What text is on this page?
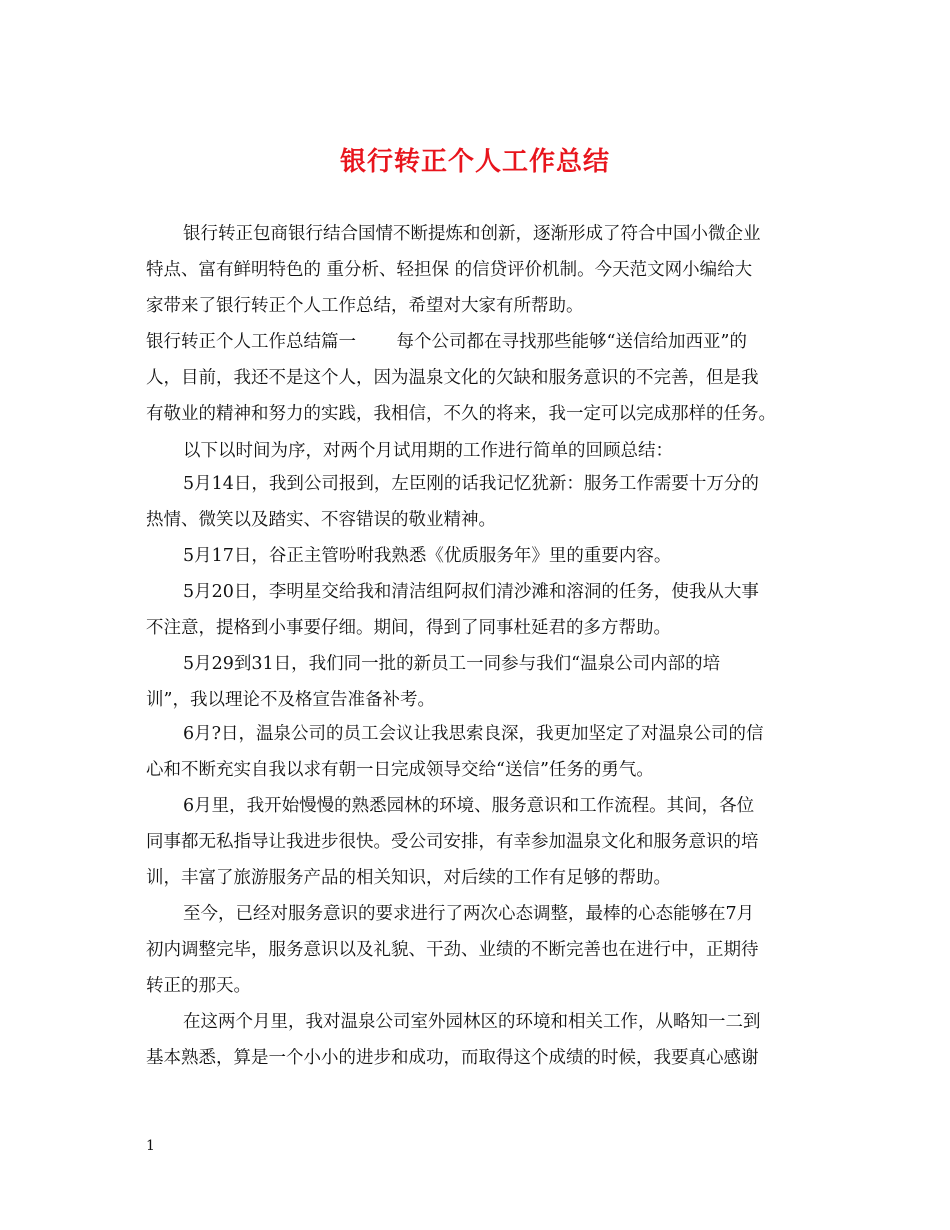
银行转正个人工作总结

银行转正包商银行结合国情不断提炼和创新，逐渐形成了符合中国小微企业

特点、富有鲜明特色的 重分析、轻担保 的信贷评价机制。今天范文网小编给大

家带来了银行转正个人工作总结，希望对大家有所帮助。

银行转正个人工作总结篇一　　 每个公司都在寻找那些能够“送信给加西亚”的

人，目前，我还不是这个人，因为温泉文化的欠缺和服务意识的不完善，但是我

有敬业的精神和努力的实践，我相信，不久的将来，我一定可以完成那样的任务。

以下以时间为序，对两个月试用期的工作进行简单的回顾总结：

5月14日，我到公司报到，左臣刚的话我记忆犹新：服务工作需要十万分的

热情、微笑以及踏实、不容错误的敬业精神。

5月17日，谷正主管吩咐我熟悉《优质服务年》里的重要内容。

5月20日，李明星交给我和清洁组阿叔们清沙滩和溶洞的任务，使我从大事

不注意，提格到小事要仔细。期间，得到了同事杜延君的多方帮助。

5月29到31日，我们同一批的新员工一同参与我们“温泉公司内部的培

训”，我以理论不及格宣告准备补考。

6月?日，温泉公司的员工会议让我思索良深，我更加坚定了对温泉公司的信

心和不断充实自我以求有朝一日完成领导交给“送信”任务的勇气。

6月里，我开始慢慢的熟悉园林的环境、服务意识和工作流程。其间，各位

同事都无私指导让我进步很快。受公司安排，有幸参加温泉文化和服务意识的培

训，丰富了旅游服务产品的相关知识，对后续的工作有足够的帮助。

至今，已经对服务意识的要求进行了两次心态调整，最棒的心态能够在7月

初内调整完毕，服务意识以及礼貌、干劲、业绩的不断完善也在进行中，正期待

转正的那天。

在这两个月里，我对温泉公司室外园林区的环境和相关工作，从略知一二到

基本熟悉，算是一个小小的进步和成功，而取得这个成绩的时候，我要真心感谢

1
